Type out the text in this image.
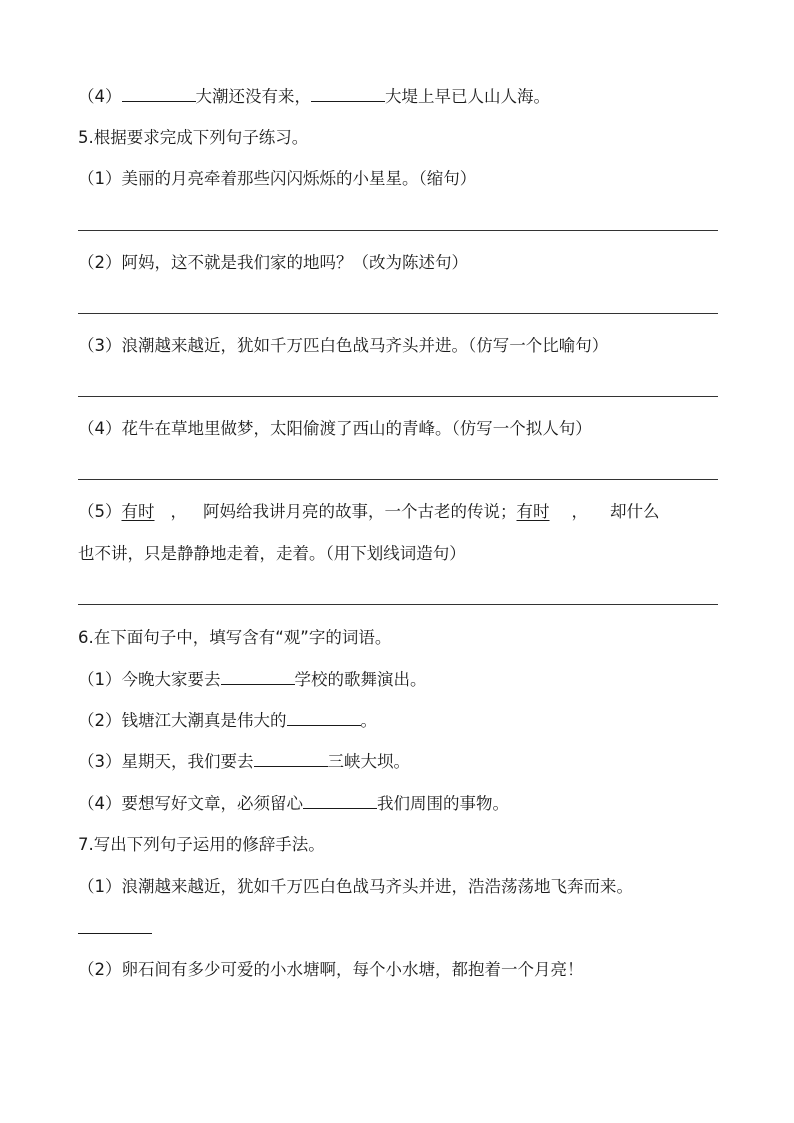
（4）	大潮还没有来，	大堤上早已人山人海。
5.根据要求完成下列句子练习。
（1）美丽的月亮牵着那些闪闪烁烁的小星星。（缩句）
（2）阿妈，这不就是我们家的地吗？（改为陈述句）
（3）浪潮越来越近，犹如千万匹白色战马齐头并进。（仿写一个比喻句）
（4）花牛在草地里做梦，太阳偷渡了西山的青峰。（仿写一个拟人句）
（5）有时 ， 阿妈给我讲月亮的故事，一个古老的传说；有时 ， 却什么
也不讲，只是静静地走着，走着。（用下划线词造句）
6.在下面句子中，填写含有“观”字的词语。
（1）今晚大家要去	学校的歌舞演出。
（2）钱塘江大潮真是伟大的	。
（3）星期天，我们要去	三峡大坝。
（4）要想写好文章，必须留心	我们周围的事物。
7.写出下列句子运用的修辞手法。
（1）浪潮越来越近，犹如千万匹白色战马齐头并进，浩浩荡荡地飞奔而来。
（2）卵石间有多少可爱的小水塘啊，每个小水塘，都抱着一个月亮！
